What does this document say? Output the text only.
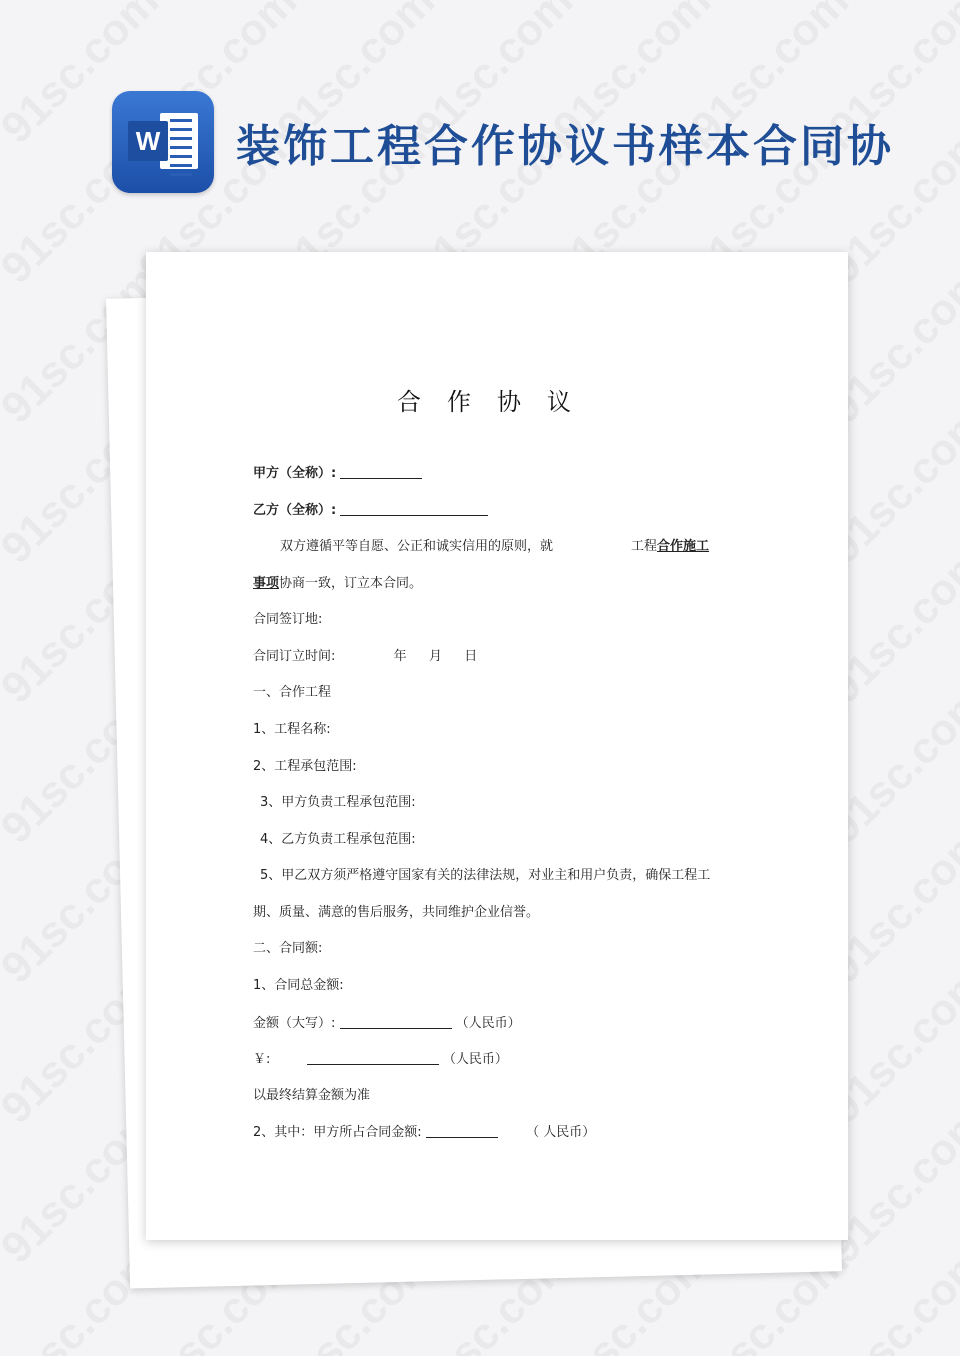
W 装饰工程合作协议书样本合同协
合作协议
甲方（全称）:
乙方（全称）:
双方遵循平等自愿、公正和诚实信用的原则，就	工程合作施工
事项协商一致，订立本合同。
合同签订地:
合同订立时间:	年 月 日
一、合作工程
1、工程名称:
2、工程承包范围:
3、甲方负责工程承包范围:
4、乙方负责工程承包范围:
5、甲乙双方须严格遵守国家有关的法律法规，对业主和用户负责，确保工程工
期、质量、满意的售后服务，共同维护企业信誉。
二、合同额:
1、合同总金额:
金额（大写）:	（人民币）
￥:	（人民币）
以最终结算金额为准
2、其中：甲方所占合同金额:	（ 人民币）
